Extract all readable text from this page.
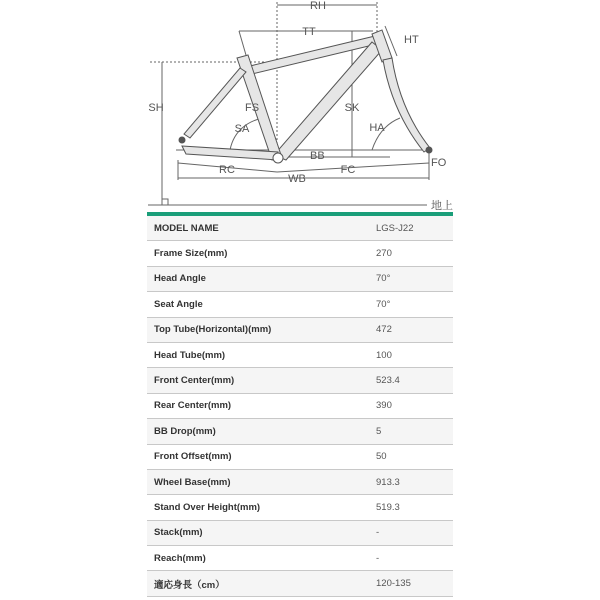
RH
TT
HT
SH	FS	SK
SA	HA
BB
RC	FC
FO
WB
地上
MODEL NAME	LGS-J22
Frame Size(mm)	270
Head Angle	70°
Seat Angle	70°
Top Tube(Horizontal)(mm)	472
Head Tube(mm)	100
Front Center(mm)	523.4
Rear Center(mm)	390
BB Drop(mm)	5
Front Offset(mm)	50
Wheel Base(mm)	913.3
Stand Over Height(mm)	519.3
Stack(mm)	-
Reach(mm)	-
適応身長（cm）	120-135
